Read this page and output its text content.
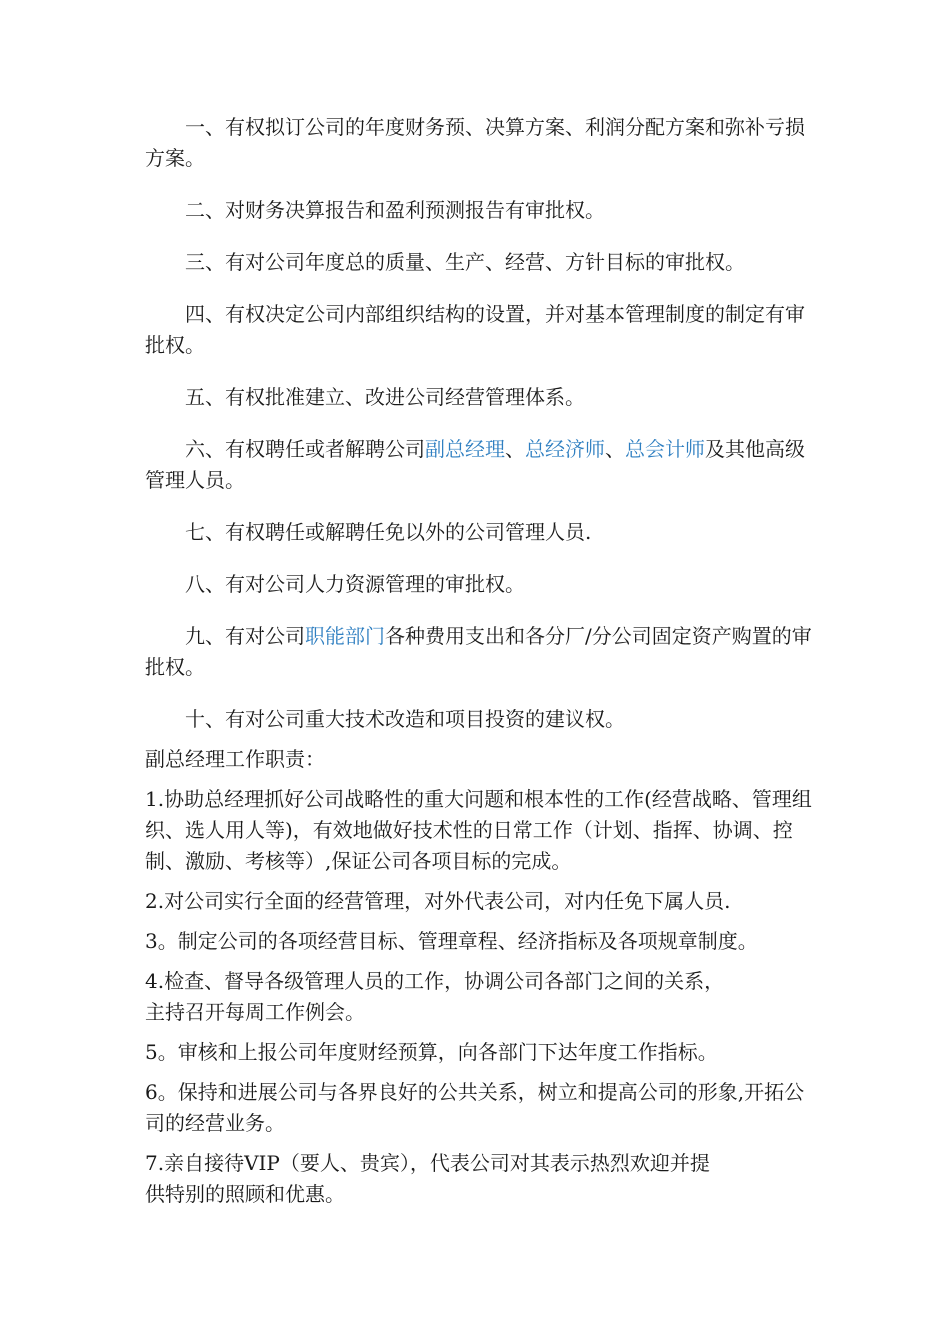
一、有权拟订公司的年度财务预、决算方案、利润分配方案和弥补亏损方案。

二、对财务决算报告和盈利预测报告有审批权。

三、有对公司年度总的质量、生产、经营、方针目标的审批权。

四、有权决定公司内部组织结构的设置，并对基本管理制度的制定有审批权。

五、有权批准建立、改进公司经营管理体系。

六、有权聘任或者解聘公司副总经理、总经济师、总会计师及其他高级管理人员。

七、有权聘任或解聘任免以外的公司管理人员.

八、有对公司人力资源管理的审批权。

九、有对公司职能部门各种费用支出和各分厂/分公司固定资产购置的审批权。

十、有对公司重大技术改造和项目投资的建议权。

副总经理工作职责：

1.协助总经理抓好公司战略性的重大问题和根本性的工作(经营战略、管理组织、选人用人等)，有效地做好技术性的日常工作（计划、指挥、协调、控制、激励、考核等）,保证公司各项目标的完成。

2.对公司实行全面的经营管理，对外代表公司，对内任免下属人员.

3。制定公司的各项经营目标、管理章程、经济指标及各项规章制度。

4.检查、督导各级管理人员的工作，协调公司各部门之间的关系，
主持召开每周工作例会。

5。审核和上报公司年度财经预算，向各部门下达年度工作指标。

6。保持和进展公司与各界良好的公共关系，树立和提高公司的形象,开拓公司的经营业务。

7.亲自接待VIP（要人、贵宾），代表公司对其表示热烈欢迎并提
供特别的照顾和优惠。
